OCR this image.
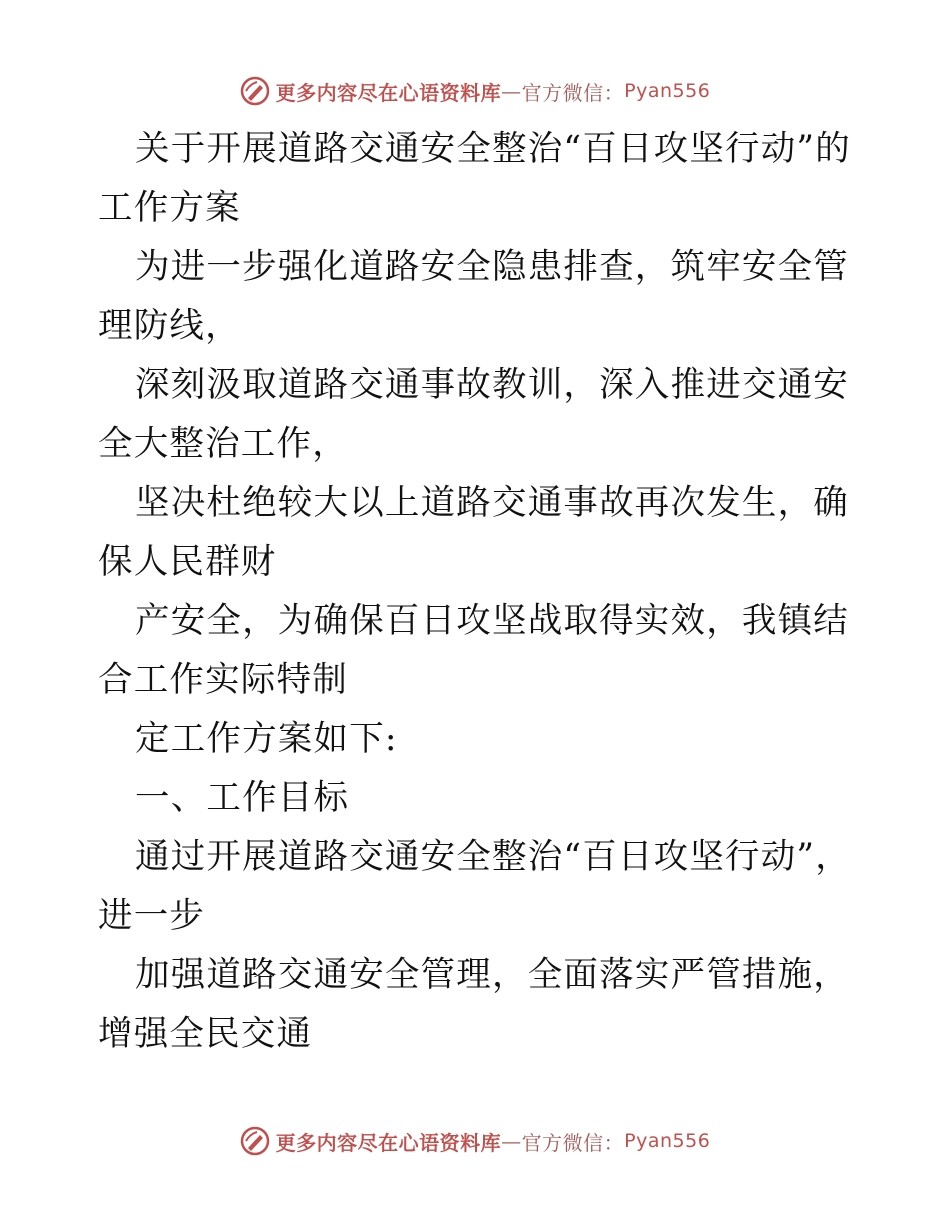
更多内容尽在心语资料库 — 官方微信： Pyan556

关于开展道路交通安全整治“百日攻坚行动”的工作方案

为进一步强化道路安全隐患排查，筑牢安全管理防线，

深刻汲取道路交通事故教训，深入推进交通安全大整治工作，

坚决杜绝较大以上道路交通事故再次发生，确保人民群财

产安全，为确保百日攻坚战取得实效，我镇结合工作实际特制

定工作方案如下:

一、工作目标

通过开展道路交通安全整治“百日攻坚行动”，进一步

加强道路交通安全管理，全面落实严管措施，增强全民交通

更多内容尽在心语资料库 — 官方微信： Pyan556
